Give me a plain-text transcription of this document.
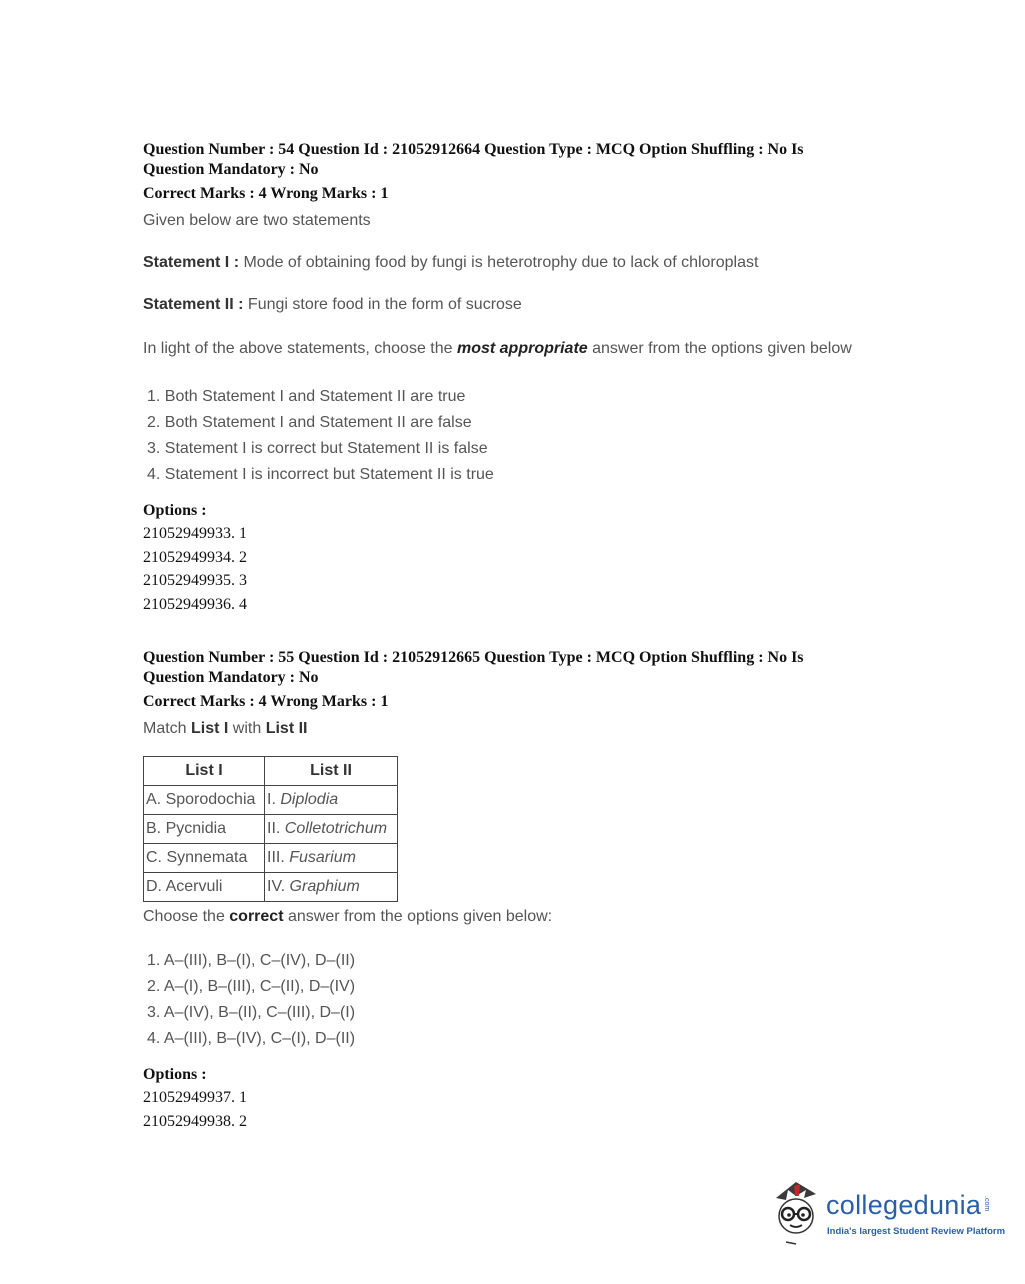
Question Number : 54 Question Id : 21052912664 Question Type : MCQ Option Shuffling : No Is
Question Mandatory : No
Correct Marks : 4 Wrong Marks : 1
Given below are two statements
Statement I : Mode of obtaining food by fungi is heterotrophy due to lack of chloroplast
Statement II : Fungi store food in the form of sucrose
In light of the above statements, choose the most appropriate answer from the options given below
1. Both Statement I and Statement II are true
2. Both Statement I and Statement II are false
3. Statement I is correct but Statement II is false
4. Statement I is incorrect but Statement II is true
Options :
21052949933. 1
21052949934. 2
21052949935. 3
21052949936. 4
Question Number : 55 Question Id : 21052912665 Question Type : MCQ Option Shuffling : No Is
Question Mandatory : No
Correct Marks : 4 Wrong Marks : 1
Match List I with List II
List I	List II
A. Sporodochia	I. Diplodia
B. Pycnidia	II. Colletotrichum
C. Synnemata	III. Fusarium
D. Acervuli	IV. Graphium
Choose the correct answer from the options given below:
1. A–(III), B–(I), C–(IV), D–(II)
2. A–(I), B–(III), C–(II), D–(IV)
3. A–(IV), B–(II), C–(III), D–(I)
4. A–(III), B–(IV), C–(I), D–(II)
Options :
21052949937. 1
21052949938. 2
collegedunia .com
India's largest Student Review Platform
